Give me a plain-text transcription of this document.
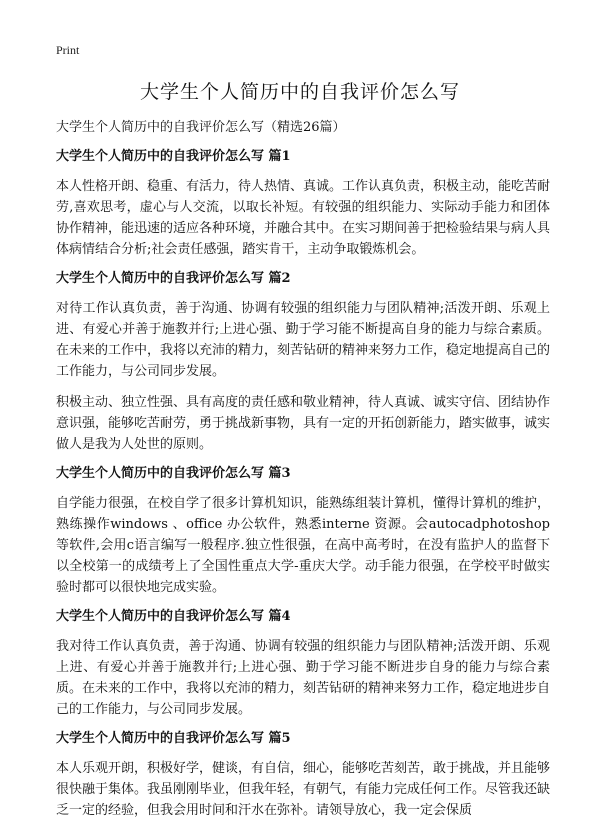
Print
大学生个人简历中的自我评价怎么写

大学生个人简历中的自我评价怎么写（精选26篇）

大学生个人简历中的自我评价怎么写 篇1

本人性格开朗、稳重、有活力，待人热情、真诚。工作认真负责，积极主动，能吃苦耐劳,喜欢思考，虚心与人交流，以取长补短。有较强的组织能力、实际动手能力和团体协作精神，能迅速的适应各种环境，并融合其中。在实习期间善于把检验结果与病人具体病情结合分析;社会责任感强，踏实肯干，主动争取锻炼机会。

大学生个人简历中的自我评价怎么写 篇2

对待工作认真负责，善于沟通、协调有较强的组织能力与团队精神;活泼开朗、乐观上进、有爱心并善于施教并行;上进心强、勤于学习能不断提高自身的能力与综合素质。在未来的工作中，我将以充沛的精力，刻苦钻研的精神来努力工作，稳定地提高自己的工作能力，与公司同步发展。

积极主动、独立性强、具有高度的责任感和敬业精神，待人真诚、诚实守信、团结协作意识强，能够吃苦耐劳，勇于挑战新事物，具有一定的开拓创新能力，踏实做事，诚实做人是我为人处世的原则。

大学生个人简历中的自我评价怎么写 篇3

自学能力很强，在校自学了很多计算机知识，能熟练组装计算机，懂得计算机的维护，熟练操作windows 、office 办公软件，熟悉interne 资源。会autocadphotoshop 等软件,会用c语言编写一般程序.独立性很强，在高中高考时，在没有监护人的监督下以全校第一的成绩考上了全国性重点大学-重庆大学。动手能力很强，在学校平时做实验时都可以很快地完成实验。

大学生个人简历中的自我评价怎么写 篇4

我对待工作认真负责，善于沟通、协调有较强的组织能力与团队精神;活泼开朗、乐观上进、有爱心并善于施教并行;上进心强、勤于学习能不断进步自身的能力与综合素质。在未来的工作中，我将以充沛的精力，刻苦钻研的精神来努力工作，稳定地进步自己的工作能力，与公司同步发展。

大学生个人简历中的自我评价怎么写 篇5

本人乐观开朗，积极好学，健谈，有自信，细心，能够吃苦刻苦，敢于挑战，并且能够很快融于集体。我虽刚刚毕业，但我年轻，有朝气，有能力完成任何工作。尽管我还缺乏一定的经验，但我会用时间和汗水在弥补。请领导放心，我一定会保质
